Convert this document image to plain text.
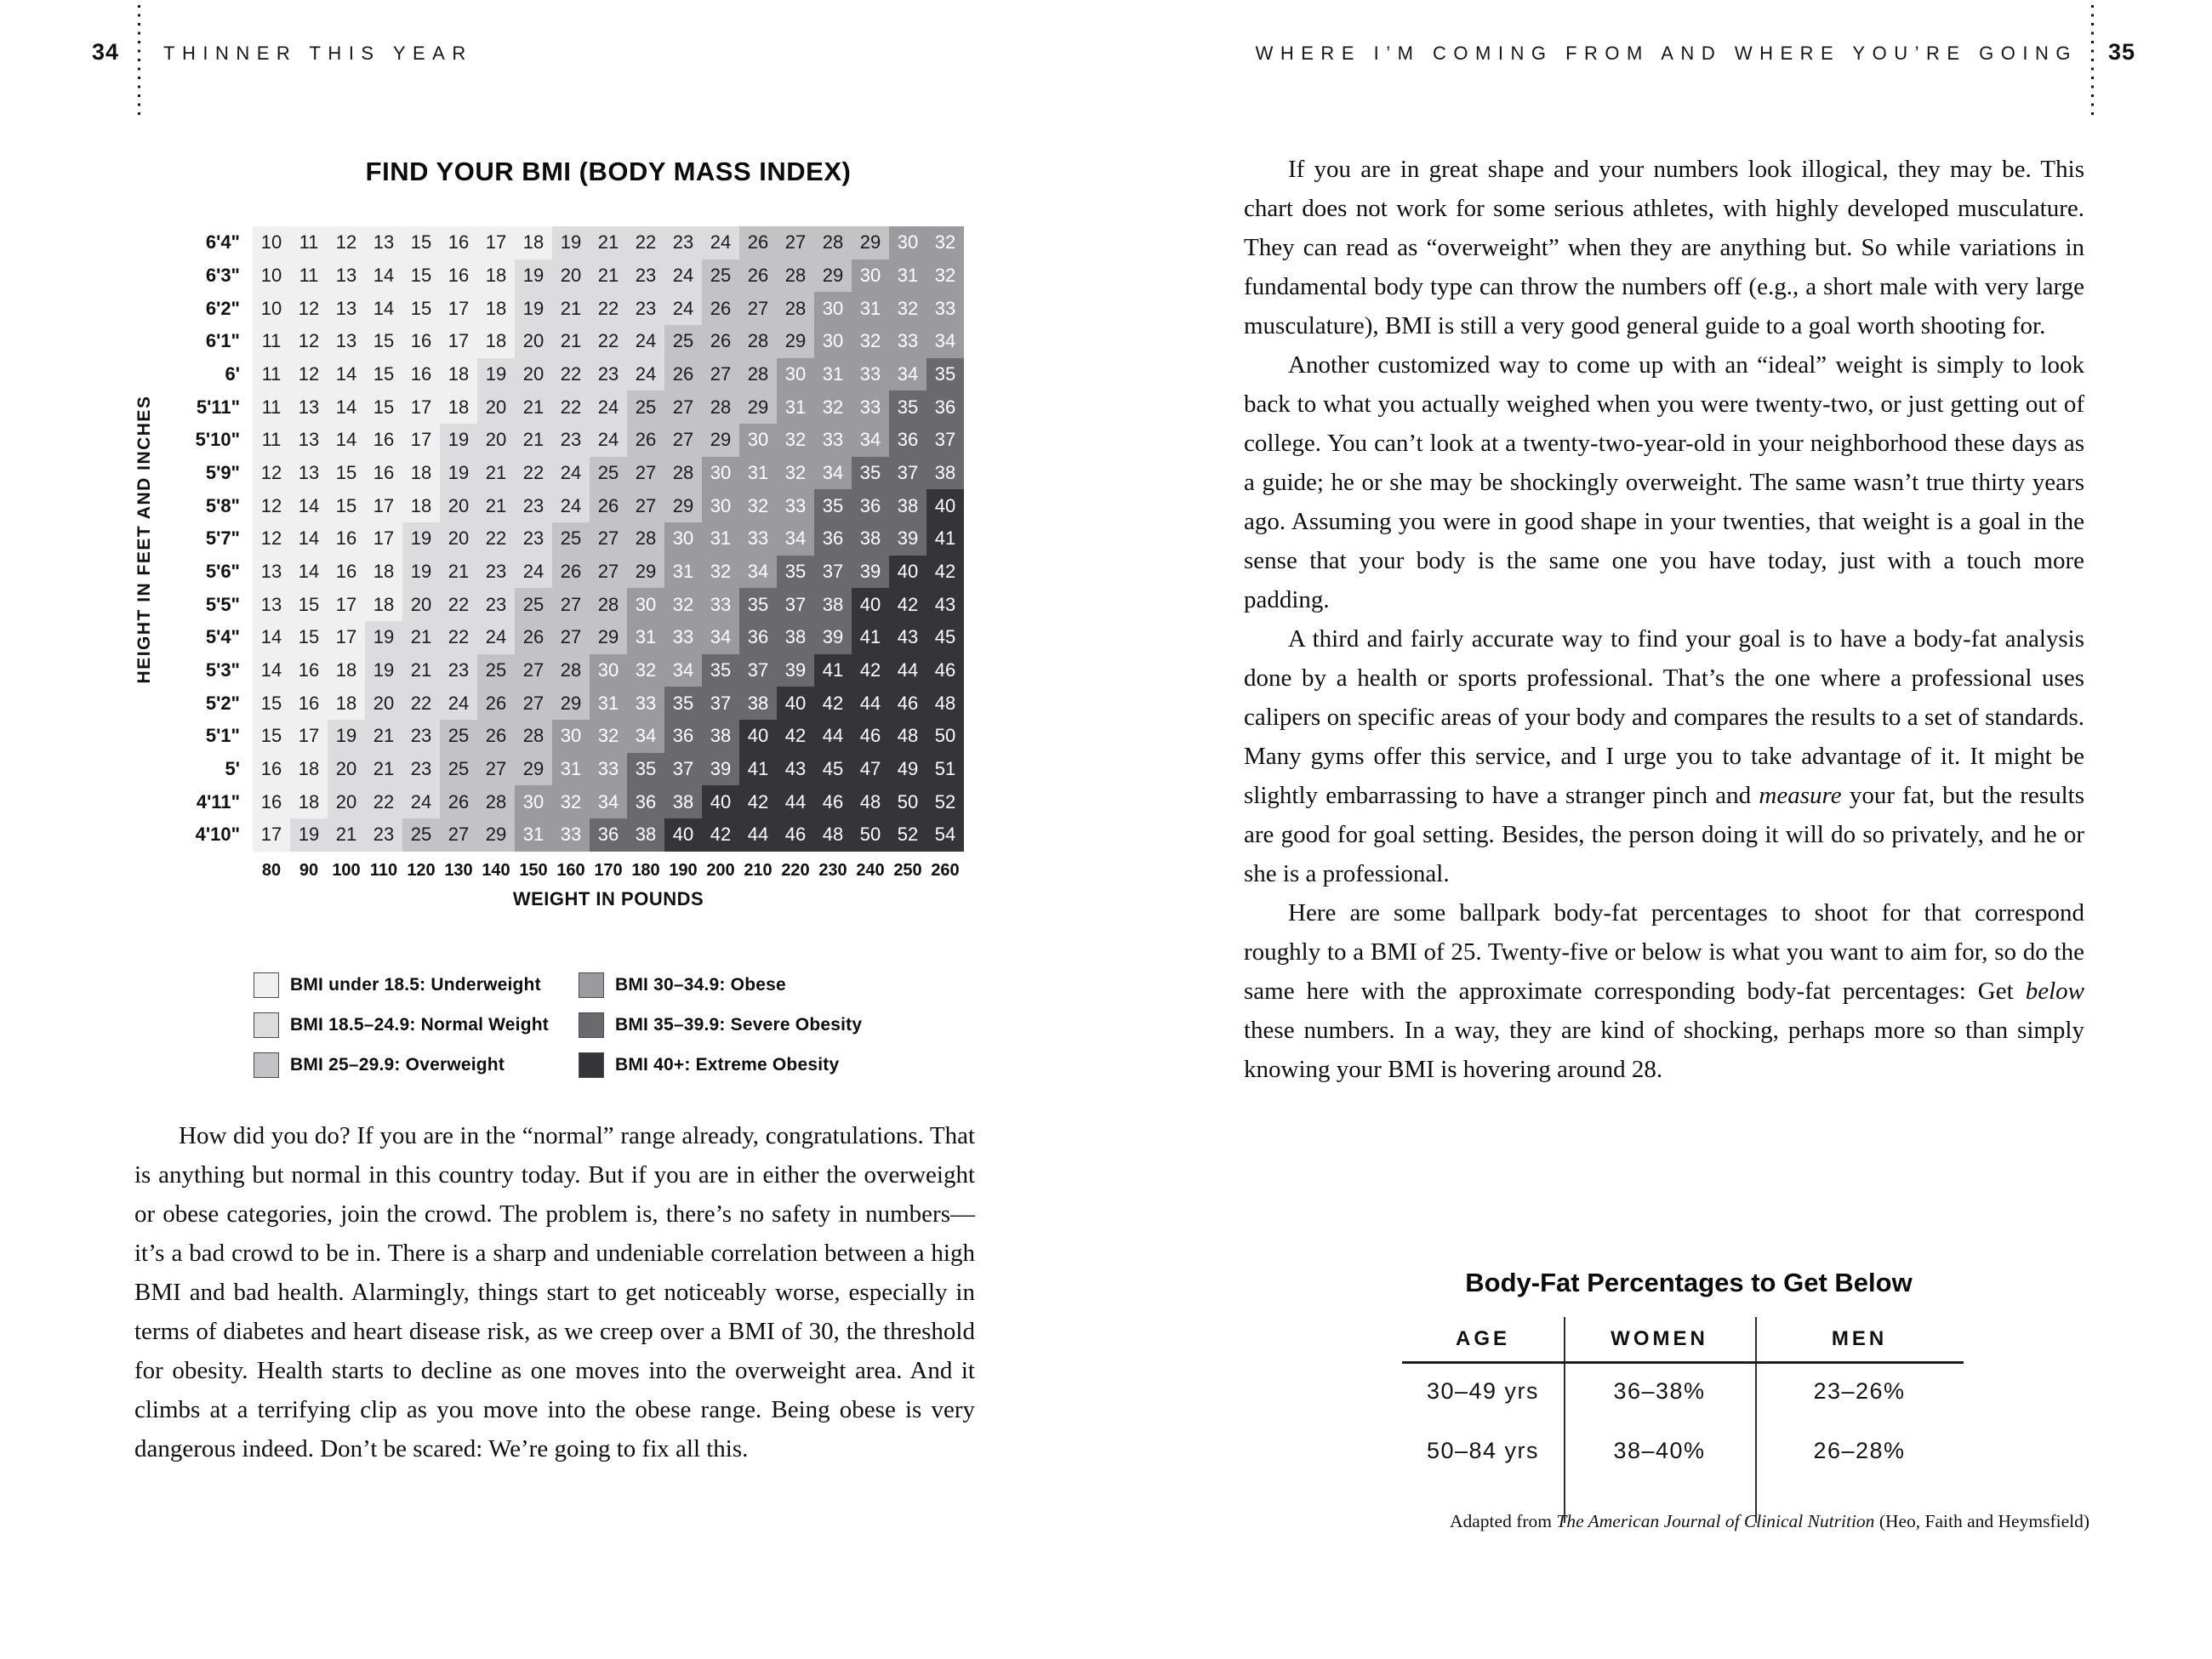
34 THINNER THIS YEAR	WHERE I’M COMING FROM AND WHERE YOU’RE GOING 35
FIND YOUR BMI (BODY MASS INDEX)
HEIGHT IN FEET AND INCHES
6'4"	10 11 12 13 15 16 17 18 19 21 22 23 24 26 27 28 29 30 32
6'3"	10 11 13 14 15 16 18 19 20 21 23 24 25 26 28 29 30 31 32
6'2"	10 12 13 14 15 17 18 19 21 22 23 24 26 27 28 30 31 32 33
6'1"	11 12 13 15 16 17 18 20 21 22 24 25 26 28 29 30 32 33 34
6'	11 12 14 15 16 18 19 20 22 23 24 26 27 28 30 31 33 34 35
5'11"	11 13 14 15 17 18 20 21 22 24 25 27 28 29 31 32 33 35 36
5'10"	11 13 14 16 17 19 20 21 23 24 26 27 29 30 32 33 34 36 37
5'9"	12 13 15 16 18 19 21 22 24 25 27 28 30 31 32 34 35 37 38
5'8"	12 14 15 17 18 20 21 23 24 26 27 29 30 32 33 35 36 38 40
5'7"	12 14 16 17 19 20 22 23 25 27 28 30 31 33 34 36 38 39 41
5'6"	13 14 16 18 19 21 23 24 26 27 29 31 32 34 35 37 39 40 42
5'5"	13 15 17 18 20 22 23 25 27 28 30 32 33 35 37 38 40 42 43
5'4"	14 15 17 19 21 22 24 26 27 29 31 33 34 36 38 39 41 43 45
5'3"	14 16 18 19 21 23 25 27 28 30 32 34 35 37 39 41 42 44 46
5'2"	15 16 18 20 22 24 26 27 29 31 33 35 37 38 40 42 44 46 48
5'1"	15 17 19 21 23 25 26 28 30 32 34 36 38 40 42 44 46 48 50
5'	16 18 20 21 23 25 27 29 31 33 35 37 39 41 43 45 47 49 51
4'11"	16 18 20 22 24 26 28 30 32 34 36 38 40 42 44 46 48 50 52
4'10"	17 19 21 23 25 27 29 31 33 36 38 40 42 44 46 48 50 52 54
80	90 100 110 120 130 140 150 160 170 180 190 200 210 220 230 240 250 260
WEIGHT IN POUNDS
BMI under 18.5: Underweight
BMI 18.5–24.9: Normal Weight
BMI 25–29.9: Overweight
BMI 30–34.9: Obese
BMI 35–39.9: Severe Obesity
BMI 40+: Extreme Obesity

How did you do? If you are in the “normal” range already, congratulations. That is anything but normal in this country today. But if you are in either the overweight or obese categories, join the crowd. The problem is, there’s no safety in numbers—it’s a bad crowd to be in. There is a sharp and undeniable correlation between a high BMI and bad health. Alarmingly, things start to get noticeably worse, especially in terms of diabetes and heart disease risk, as we creep over a BMI of 30, the threshold for obesity. Health starts to decline as one moves into the overweight area. And it climbs at a terrifying clip as you move into the obese range. Being obese is very dangerous indeed. Don’t be scared: We’re going to fix all this.

If you are in great shape and your numbers look illogical, they may be. This chart does not work for some serious athletes, with highly developed musculature. They can read as “overweight” when they are anything but. So while variations in fundamental body type can throw the numbers off (e.g., a short male with very large musculature), BMI is still a very good general guide to a goal worth shooting for.

Another customized way to come up with an “ideal” weight is simply to look back to what you actually weighed when you were twenty-two, or just getting out of college. You can’t look at a twenty-two-year-old in your neighborhood these days as a guide; he or she may be shockingly overweight. The same wasn’t true thirty years ago. Assuming you were in good shape in your twenties, that weight is a goal in the sense that your body is the same one you have today, just with a touch more padding.

A third and fairly accurate way to find your goal is to have a body-fat analysis done by a health or sports professional. That’s the one where a professional uses calipers on specific areas of your body and compares the results to a set of standards. Many gyms offer this service, and I urge you to take advantage of it. It might be slightly embarrassing to have a stranger pinch and measure your fat, but the results are good for goal setting. Besides, the person doing it will do so privately, and he or she is a professional.

Here are some ballpark body-fat percentages to shoot for that correspond roughly to a BMI of 25. Twenty-five or below is what you want to aim for, so do the same here with the approximate corresponding body-fat percentages: Get below these numbers. In a way, they are kind of shocking, perhaps more so than simply knowing your BMI is hovering around 28.

Body-Fat Percentages to Get Below
AGE	WOMEN	MEN
30–49 yrs	36–38%	23–26%
50–84 yrs	38–40%	26–28%
Adapted from The American Journal of Clinical Nutrition (Heo, Faith and Heymsfield)
